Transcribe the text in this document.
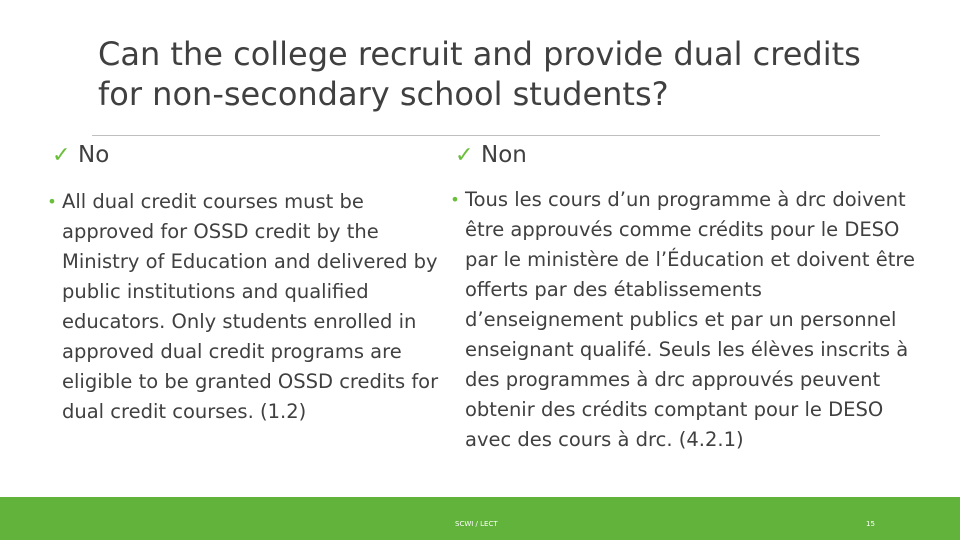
Can the college recruit and provide dual credits for non-secondary school students?
✓ No	✓ Non
• All dual credit courses must be approved for OSSD credit by the Ministry of Education and delivered by public institutions and qualified educators. Only students enrolled in approved dual credit programs are eligible to be granted OSSD credits for dual credit courses. (1.2)
• Tous les cours d’un programme à drc doivent être approuvés comme crédits pour le DESO par le ministère de l’Éducation et doivent être offerts par des établissements d’enseignement publics et par un personnel enseignant qualifé. Seuls les élèves inscrits à des programmes à drc approuvés peuvent obtenir des crédits comptant pour le DESO avec des cours à drc. (4.2.1)
SCWI / LECT	15
